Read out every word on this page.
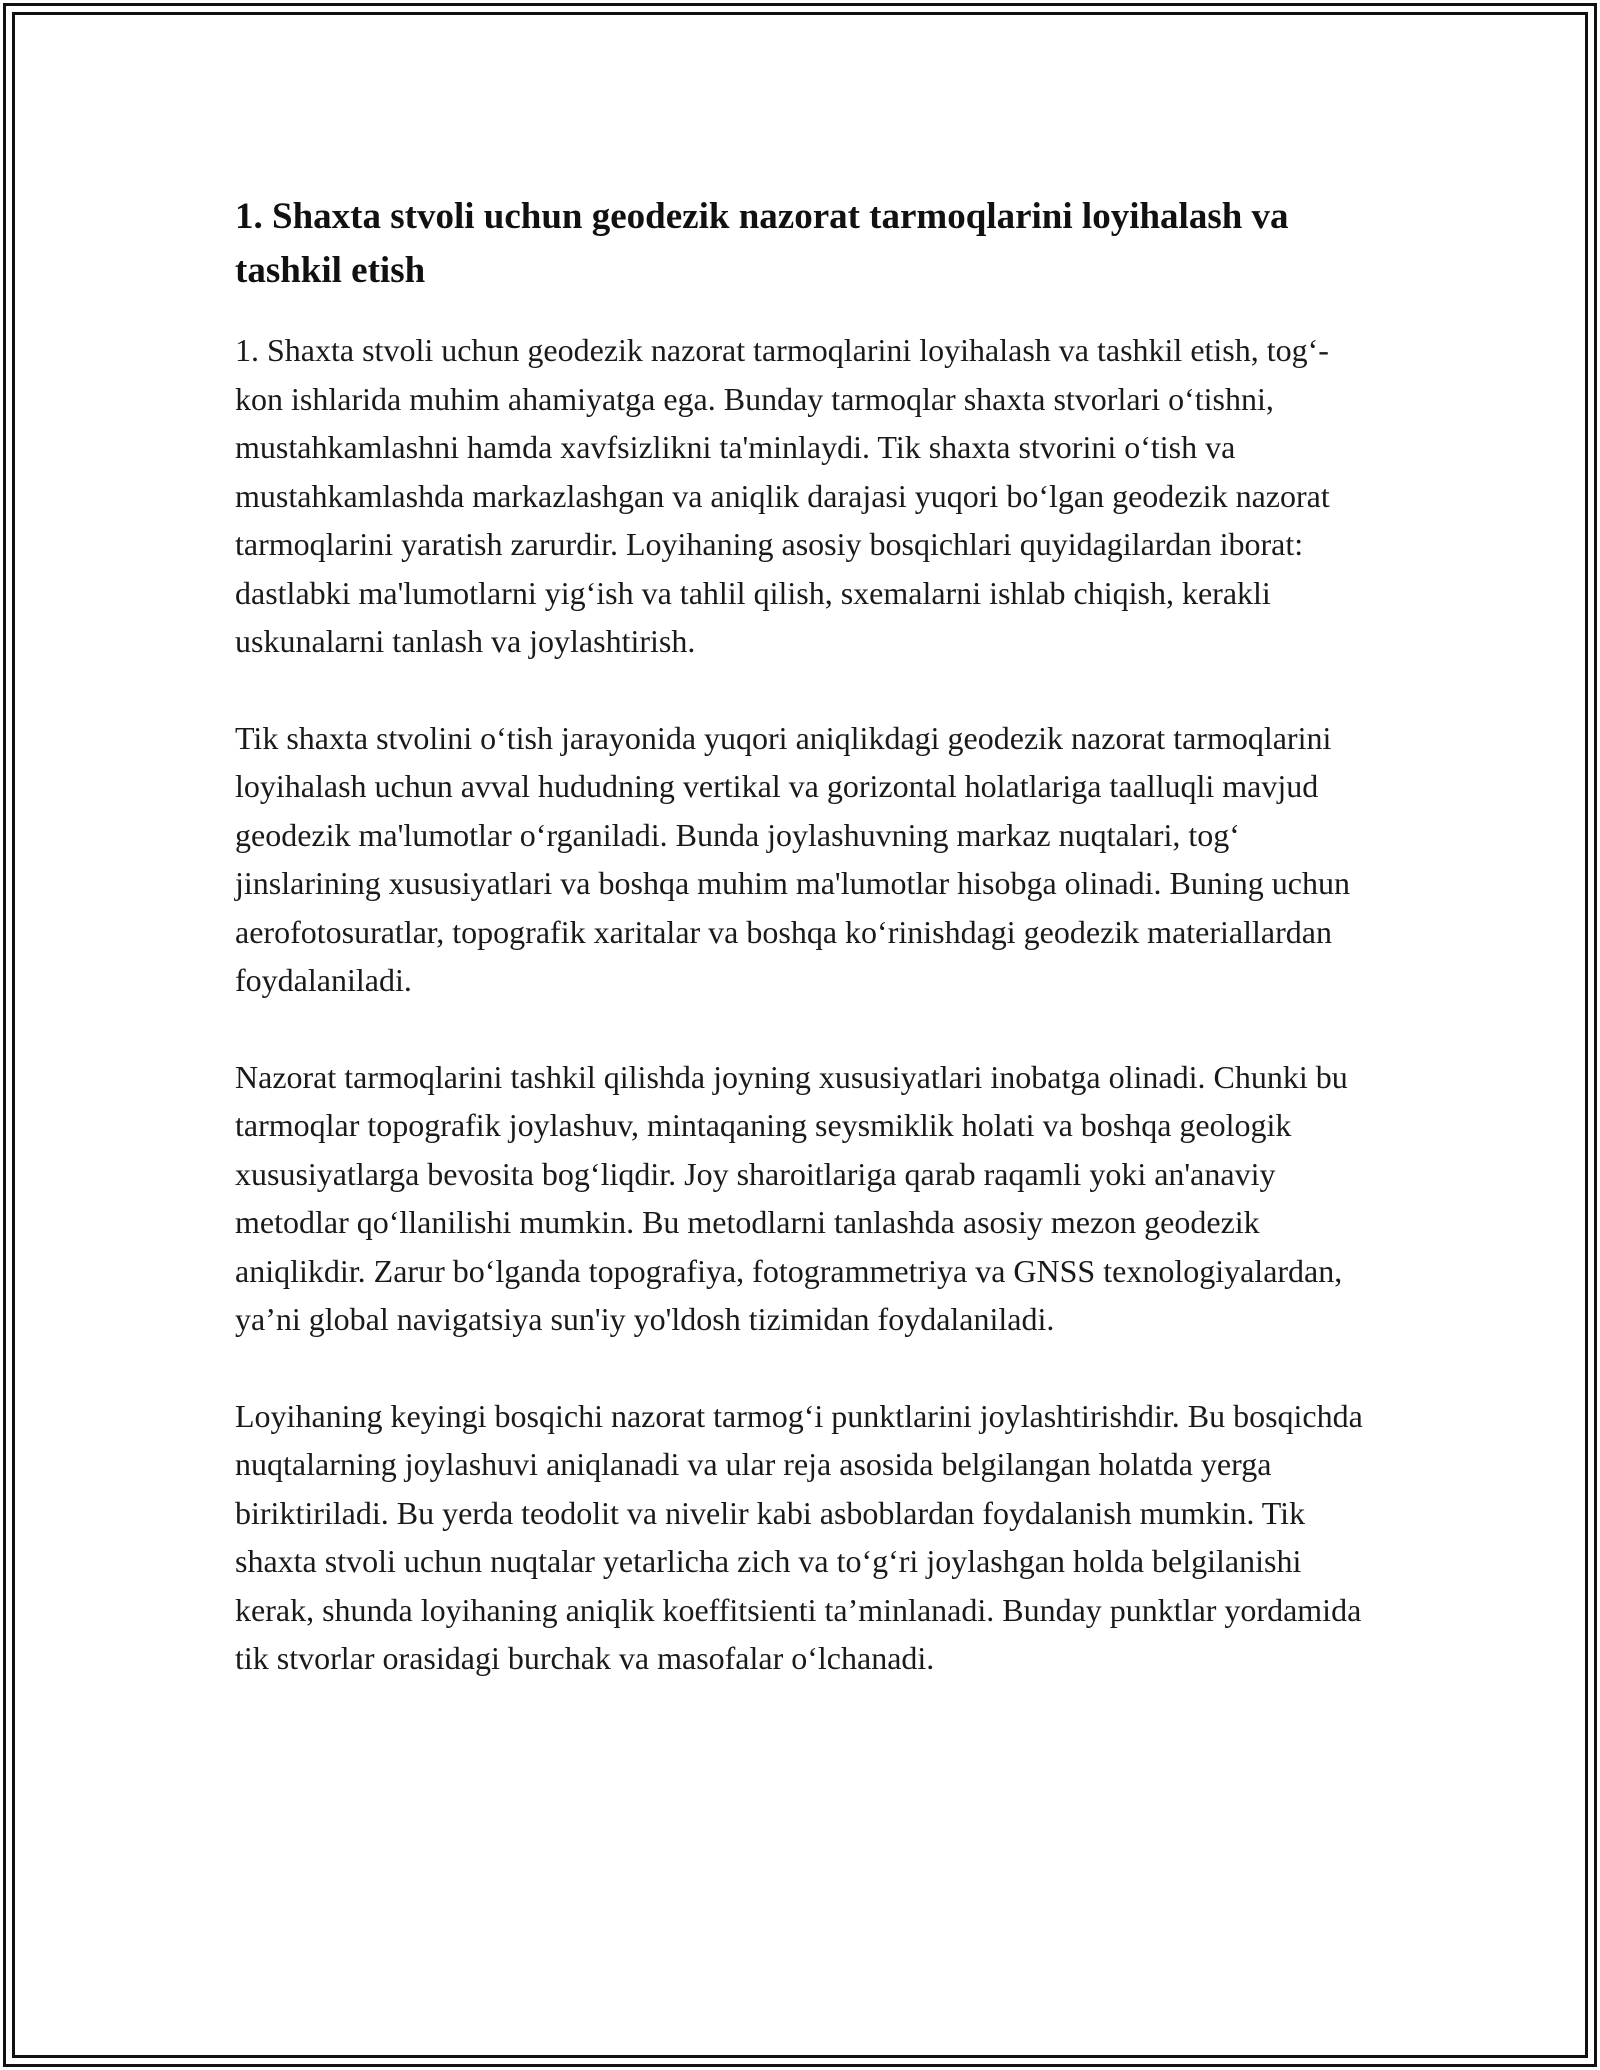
1. Shaxta stvoli uchun geodezik nazorat tarmoqlarini loyihalash va tashkil etish

1. Shaxta stvoli uchun geodezik nazorat tarmoqlarini loyihalash va tashkil etish, tog‘-kon ishlarida muhim ahamiyatga ega. Bunday tarmoqlar shaxta stvorlari o‘tishni, mustahkamlashni hamda xavfsizlikni ta'minlaydi. Tik shaxta stvorini o‘tish va mustahkamlashda markazlashgan va aniqlik darajasi yuqori bo‘lgan geodezik nazorat tarmoqlarini yaratish zarurdir. Loyihaning asosiy bosqichlari quyidagilardan iborat: dastlabki ma'lumotlarni yig‘ish va tahlil qilish, sxemalarni ishlab chiqish, kerakli uskunalarni tanlash va joylashtirish.

Tik shaxta stvolini o‘tish jarayonida yuqori aniqlikdagi geodezik nazorat tarmoqlarini loyihalash uchun avval hududning vertikal va gorizontal holatlariga taalluqli mavjud geodezik ma'lumotlar o‘rganiladi. Bunda joylashuvning markaz nuqtalari, tog‘ jinslarining xususiyatlari va boshqa muhim ma'lumotlar hisobga olinadi. Buning uchun aerofotosuratlar, topografik xaritalar va boshqa ko‘rinishdagi geodezik materiallardan foydalaniladi.

Nazorat tarmoqlarini tashkil qilishda joyning xususiyatlari inobatga olinadi. Chunki bu tarmoqlar topografik joylashuv, mintaqaning seysmiklik holati va boshqa geologik xususiyatlarga bevosita bog‘liqdir. Joy sharoitlariga qarab raqamli yoki an'anaviy metodlar qo‘llanilishi mumkin. Bu metodlarni tanlashda asosiy mezon geodezik aniqlikdir. Zarur bo‘lganda topografiya, fotogrammetriya va GNSS texnologiyalardan, ya’ni global navigatsiya sun'iy yo'ldosh tizimidan foydalaniladi.

Loyihaning keyingi bosqichi nazorat tarmog‘i punktlarini joylashtirishdir. Bu bosqichda nuqtalarning joylashuvi aniqlanadi va ular reja asosida belgilangan holatda yerga biriktiriladi. Bu yerda teodolit va nivelir kabi asboblardan foydalanish mumkin. Tik shaxta stvoli uchun nuqtalar yetarlicha zich va to‘g‘ri joylashgan holda belgilanishi kerak, shunda loyihaning aniqlik koeffitsienti ta’minlanadi. Bunday punktlar yordamida tik stvorlar orasidagi burchak va masofalar o‘lchanadi.
